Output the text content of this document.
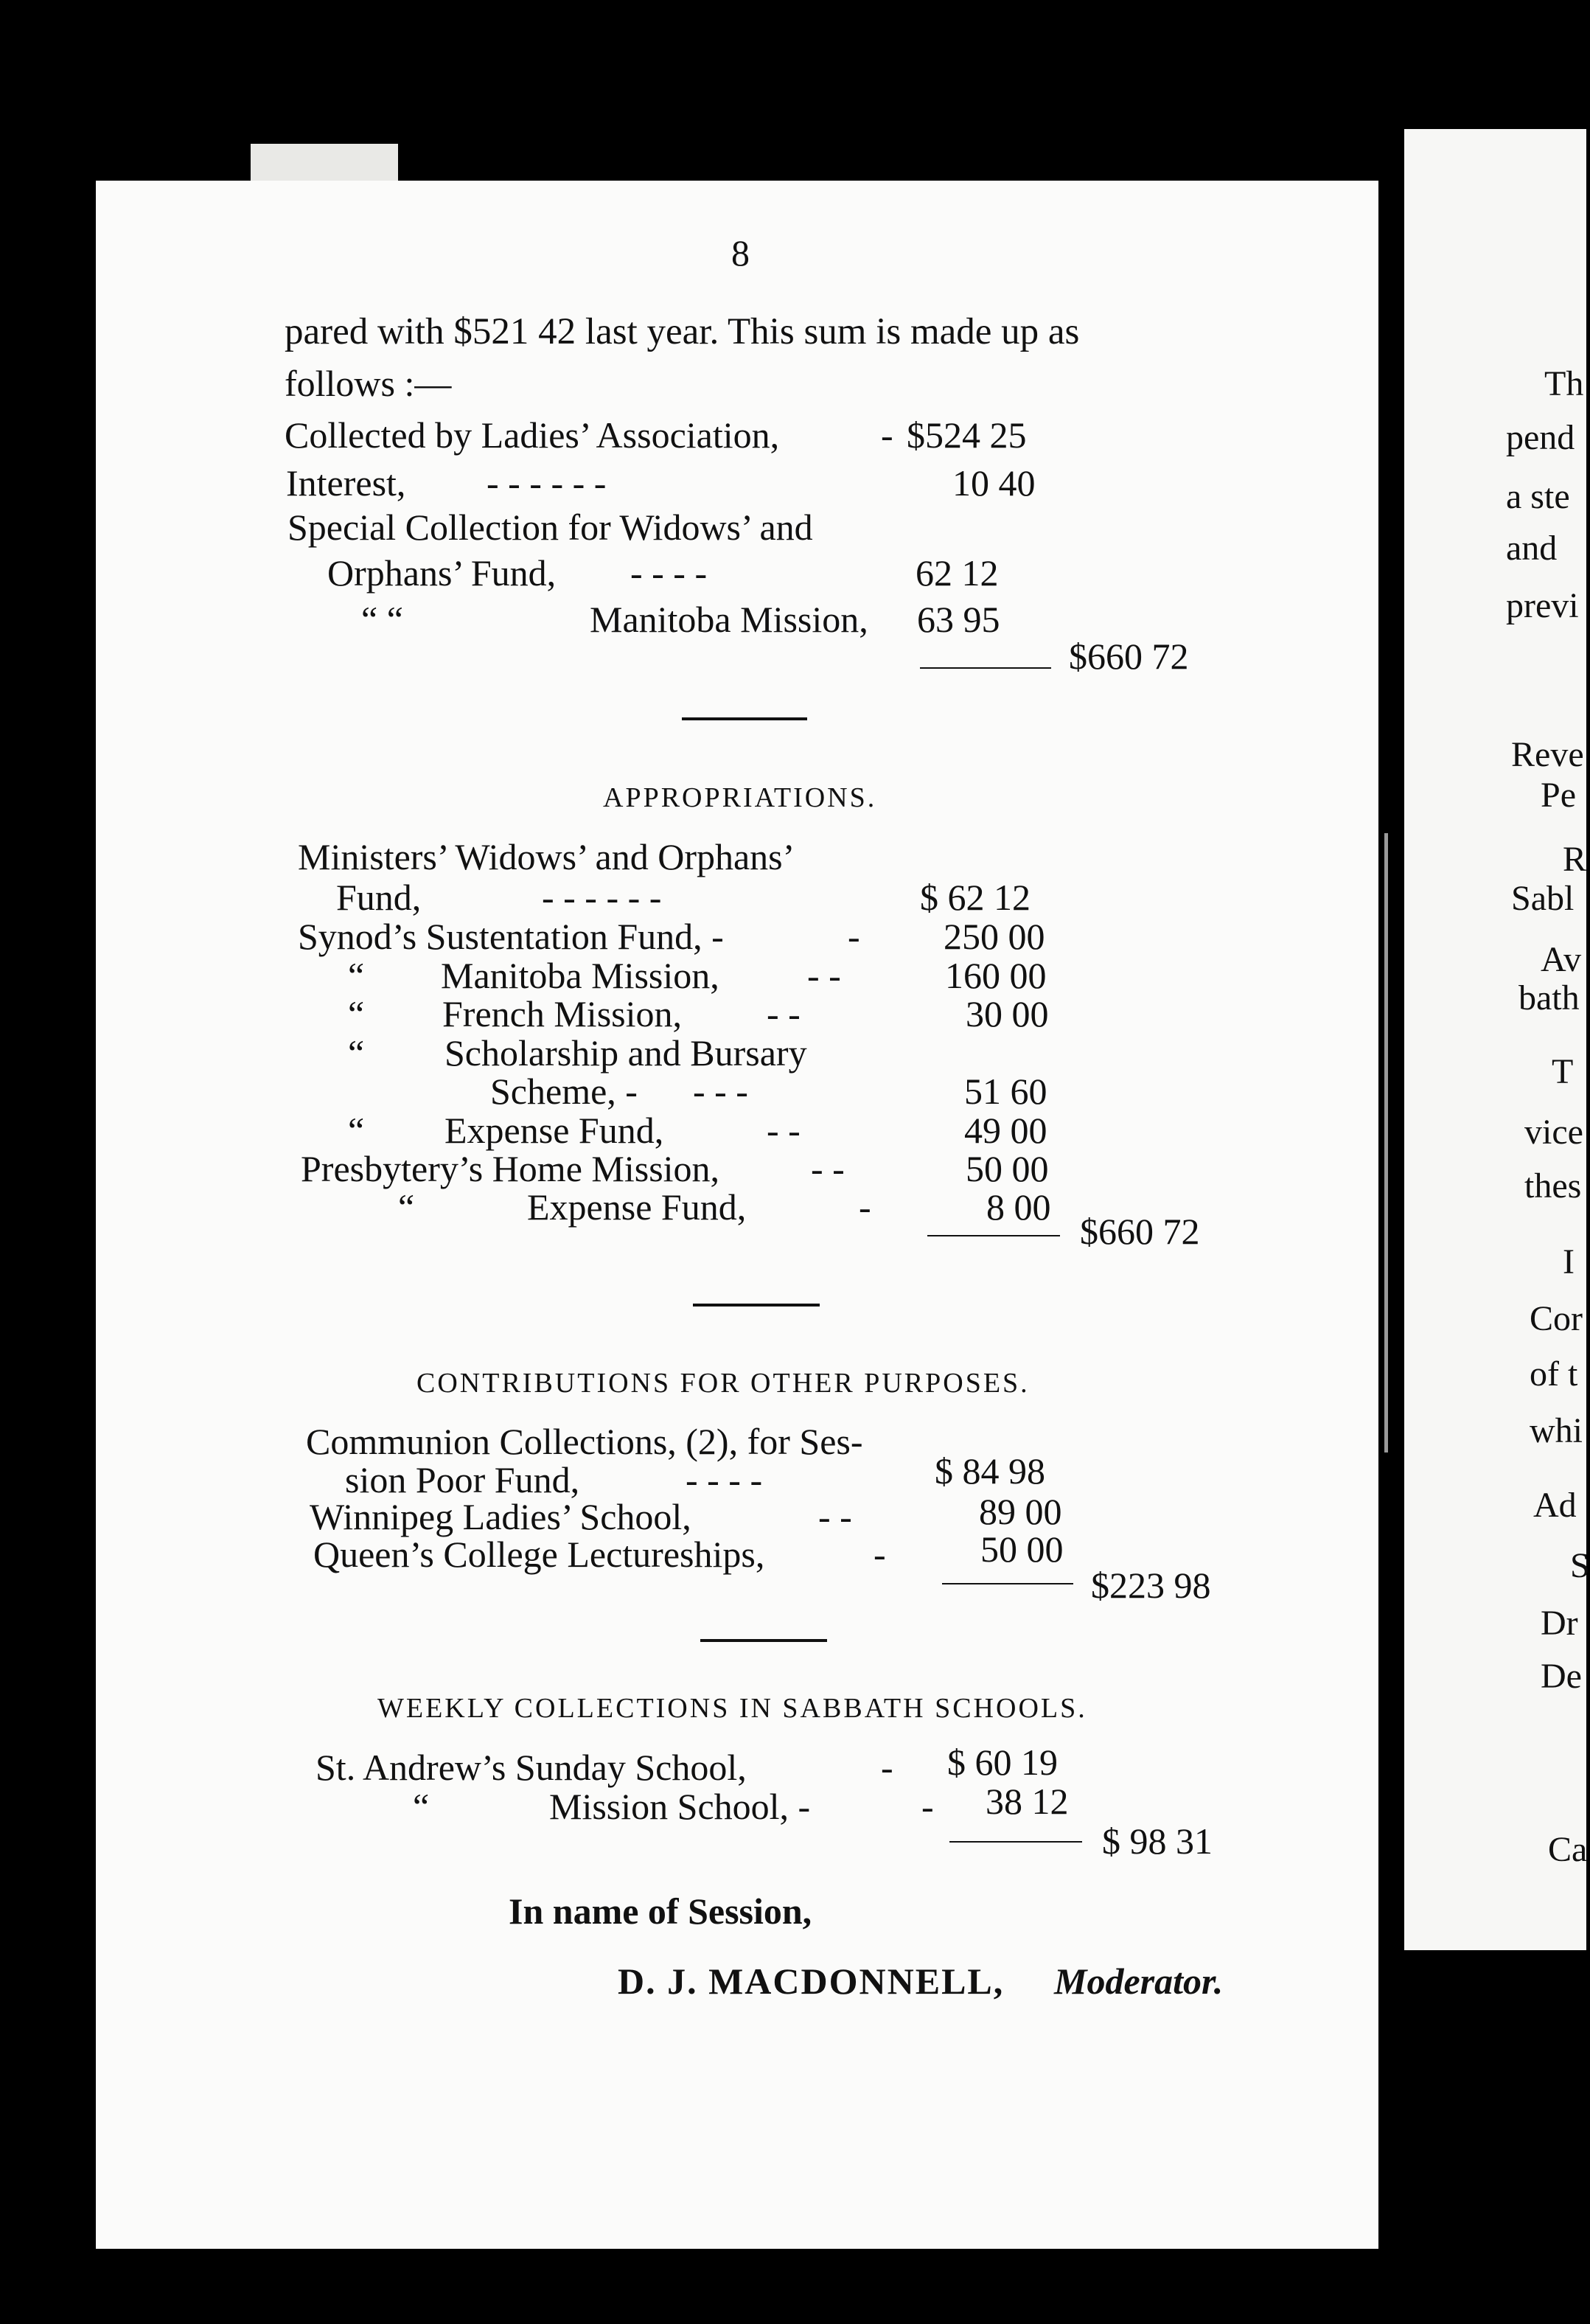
8
pared with $521 42 last year. This sum is made up as
follows :—
Collected by Ladies’ Association,	- $524 25
Interest, - - - - - -	10 40
Special Collection for Widows’ and
Orphans’ Fund, - - - -	62 12
“ “	Manitoba Mission, 63 95
$660 72
APPROPRIATIONS.
Ministers’ Widows’ and Orphans’
Fund,	- - - - - -	$ 62 12
Synod’s Sustentation Fund, -	- 250 00
“ Manitoba Mission, - -	160 00
“ French Mission, - -	30 00
“ Scholarship and Bursary
Scheme, - - - -	51 60
“ Expense Fund,	- -	49 00
Presbytery’s Home Mission, - -	50 00
“	Expense Fund,	-	8 00
$660 72
CONTRIBUTIONS FOR OTHER PURPOSES.
Communion Collections, (2), for Ses-
sion Poor Fund,	- - - -	$ 84 98
Winnipeg Ladies’ School,	- -	89 00
Queen’s College Lectureships,	-	50 00
$223 98
WEEKLY COLLECTIONS IN SABBATH SCHOOLS.
St. Andrew’s Sunday School,	- $ 60 19
“	Mission School, -	- 38 12
$ 98 31
In name of Session,
D. J. MACDONNELL, Moderator.
Th
pend
a ste
and
previ
Reve
Pe
R
Sabl
Av
bath
T
vice
thes
I
Cor
of t
whi
Ad
S
Dr
De
Ca
